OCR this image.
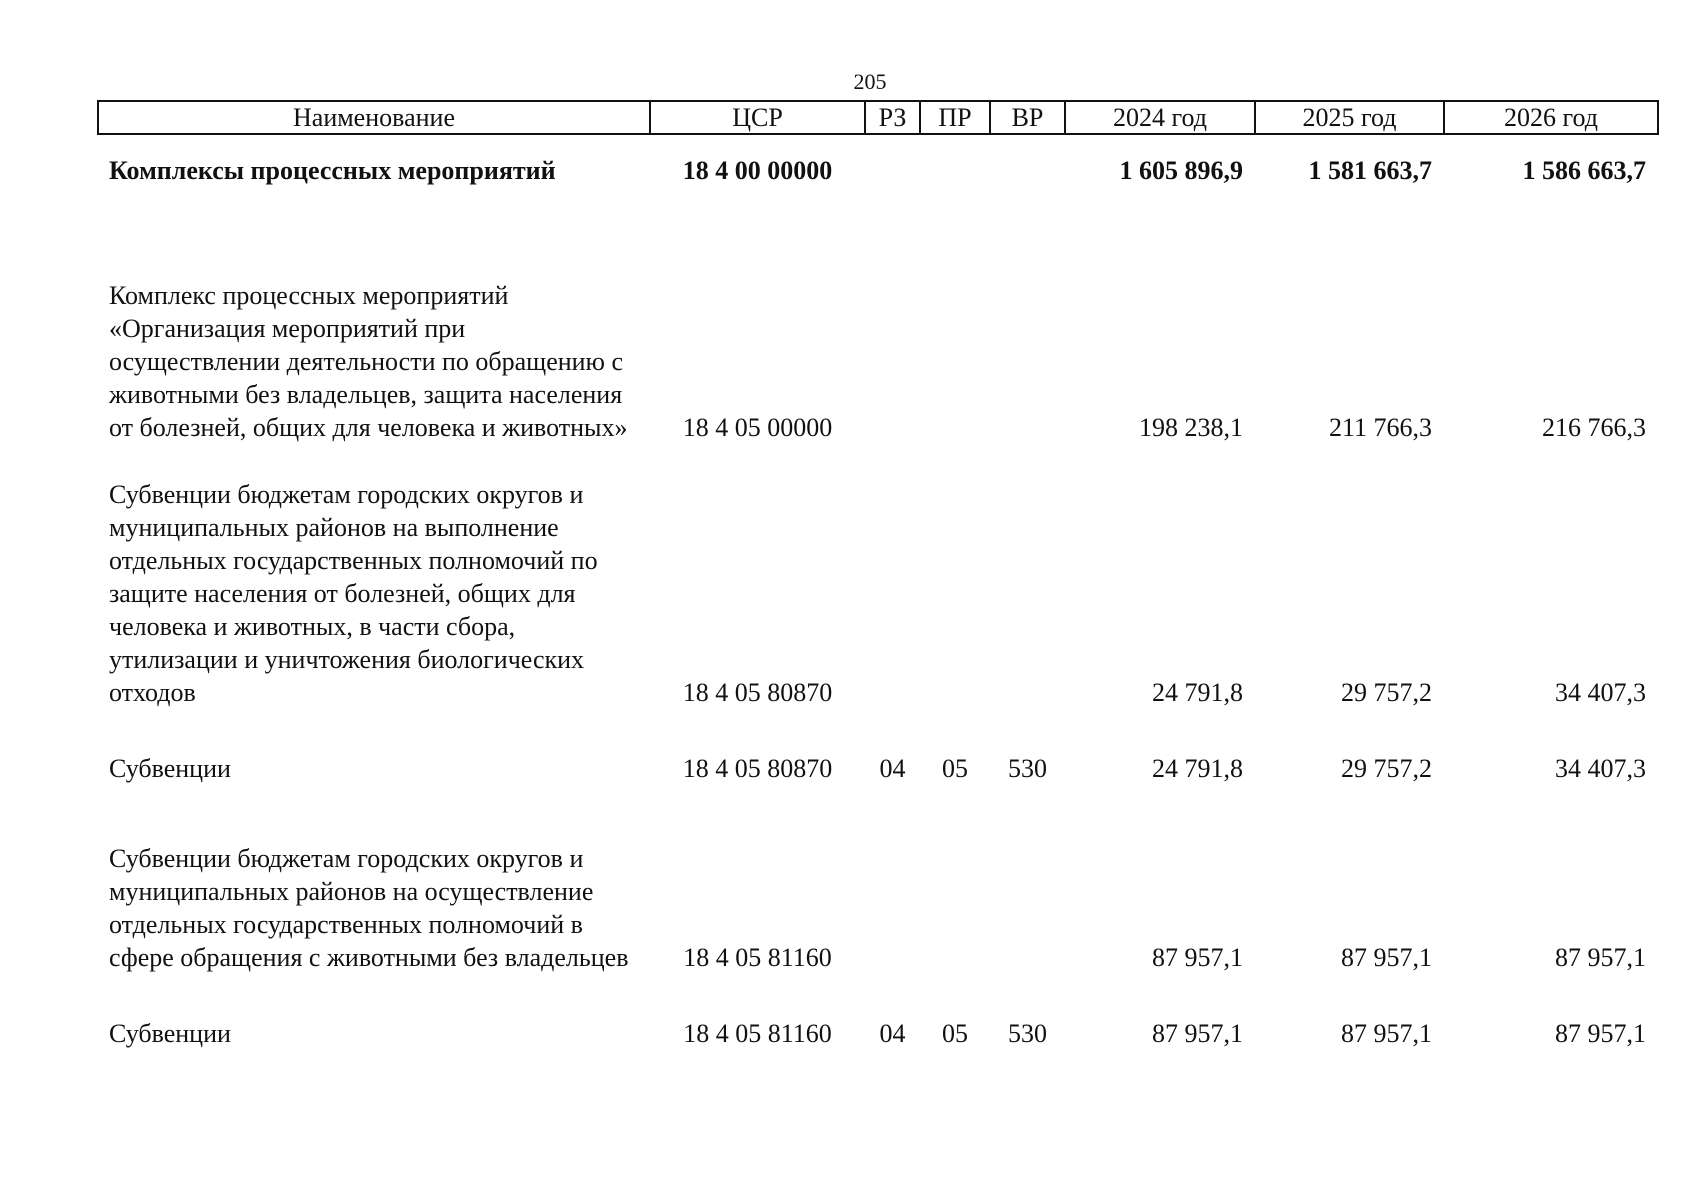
205
Наименование	ЦСР	РЗ	ПР	ВР	2024 год	2025 год	2026 год
Комплексы процессных мероприятий	18 4 00 00000				1 605 896,9	1 581 663,7	1 586 663,7
Комплекс процессных мероприятий «Организация мероприятий при осуществлении деятельности по обращению с животными без владельцев, защита населения от болезней, общих для человека и животных»	18 4 05 00000				198 238,1	211 766,3	216 766,3
Субвенции бюджетам городских округов и муниципальных районов на выполнение отдельных государственных полномочий по защите населения от болезней, общих для человека и животных, в части сбора, утилизации и уничтожения биологических отходов	18 4 05 80870				24 791,8	29 757,2	34 407,3
Субвенции	18 4 05 80870	04	05	530	24 791,8	29 757,2	34 407,3
Субвенции бюджетам городских округов и муниципальных районов на осуществление отдельных государственных полномочий в сфере обращения с животными без владельцев	18 4 05 81160				87 957,1	87 957,1	87 957,1
Субвенции	18 4 05 81160	04	05	530	87 957,1	87 957,1	87 957,1
